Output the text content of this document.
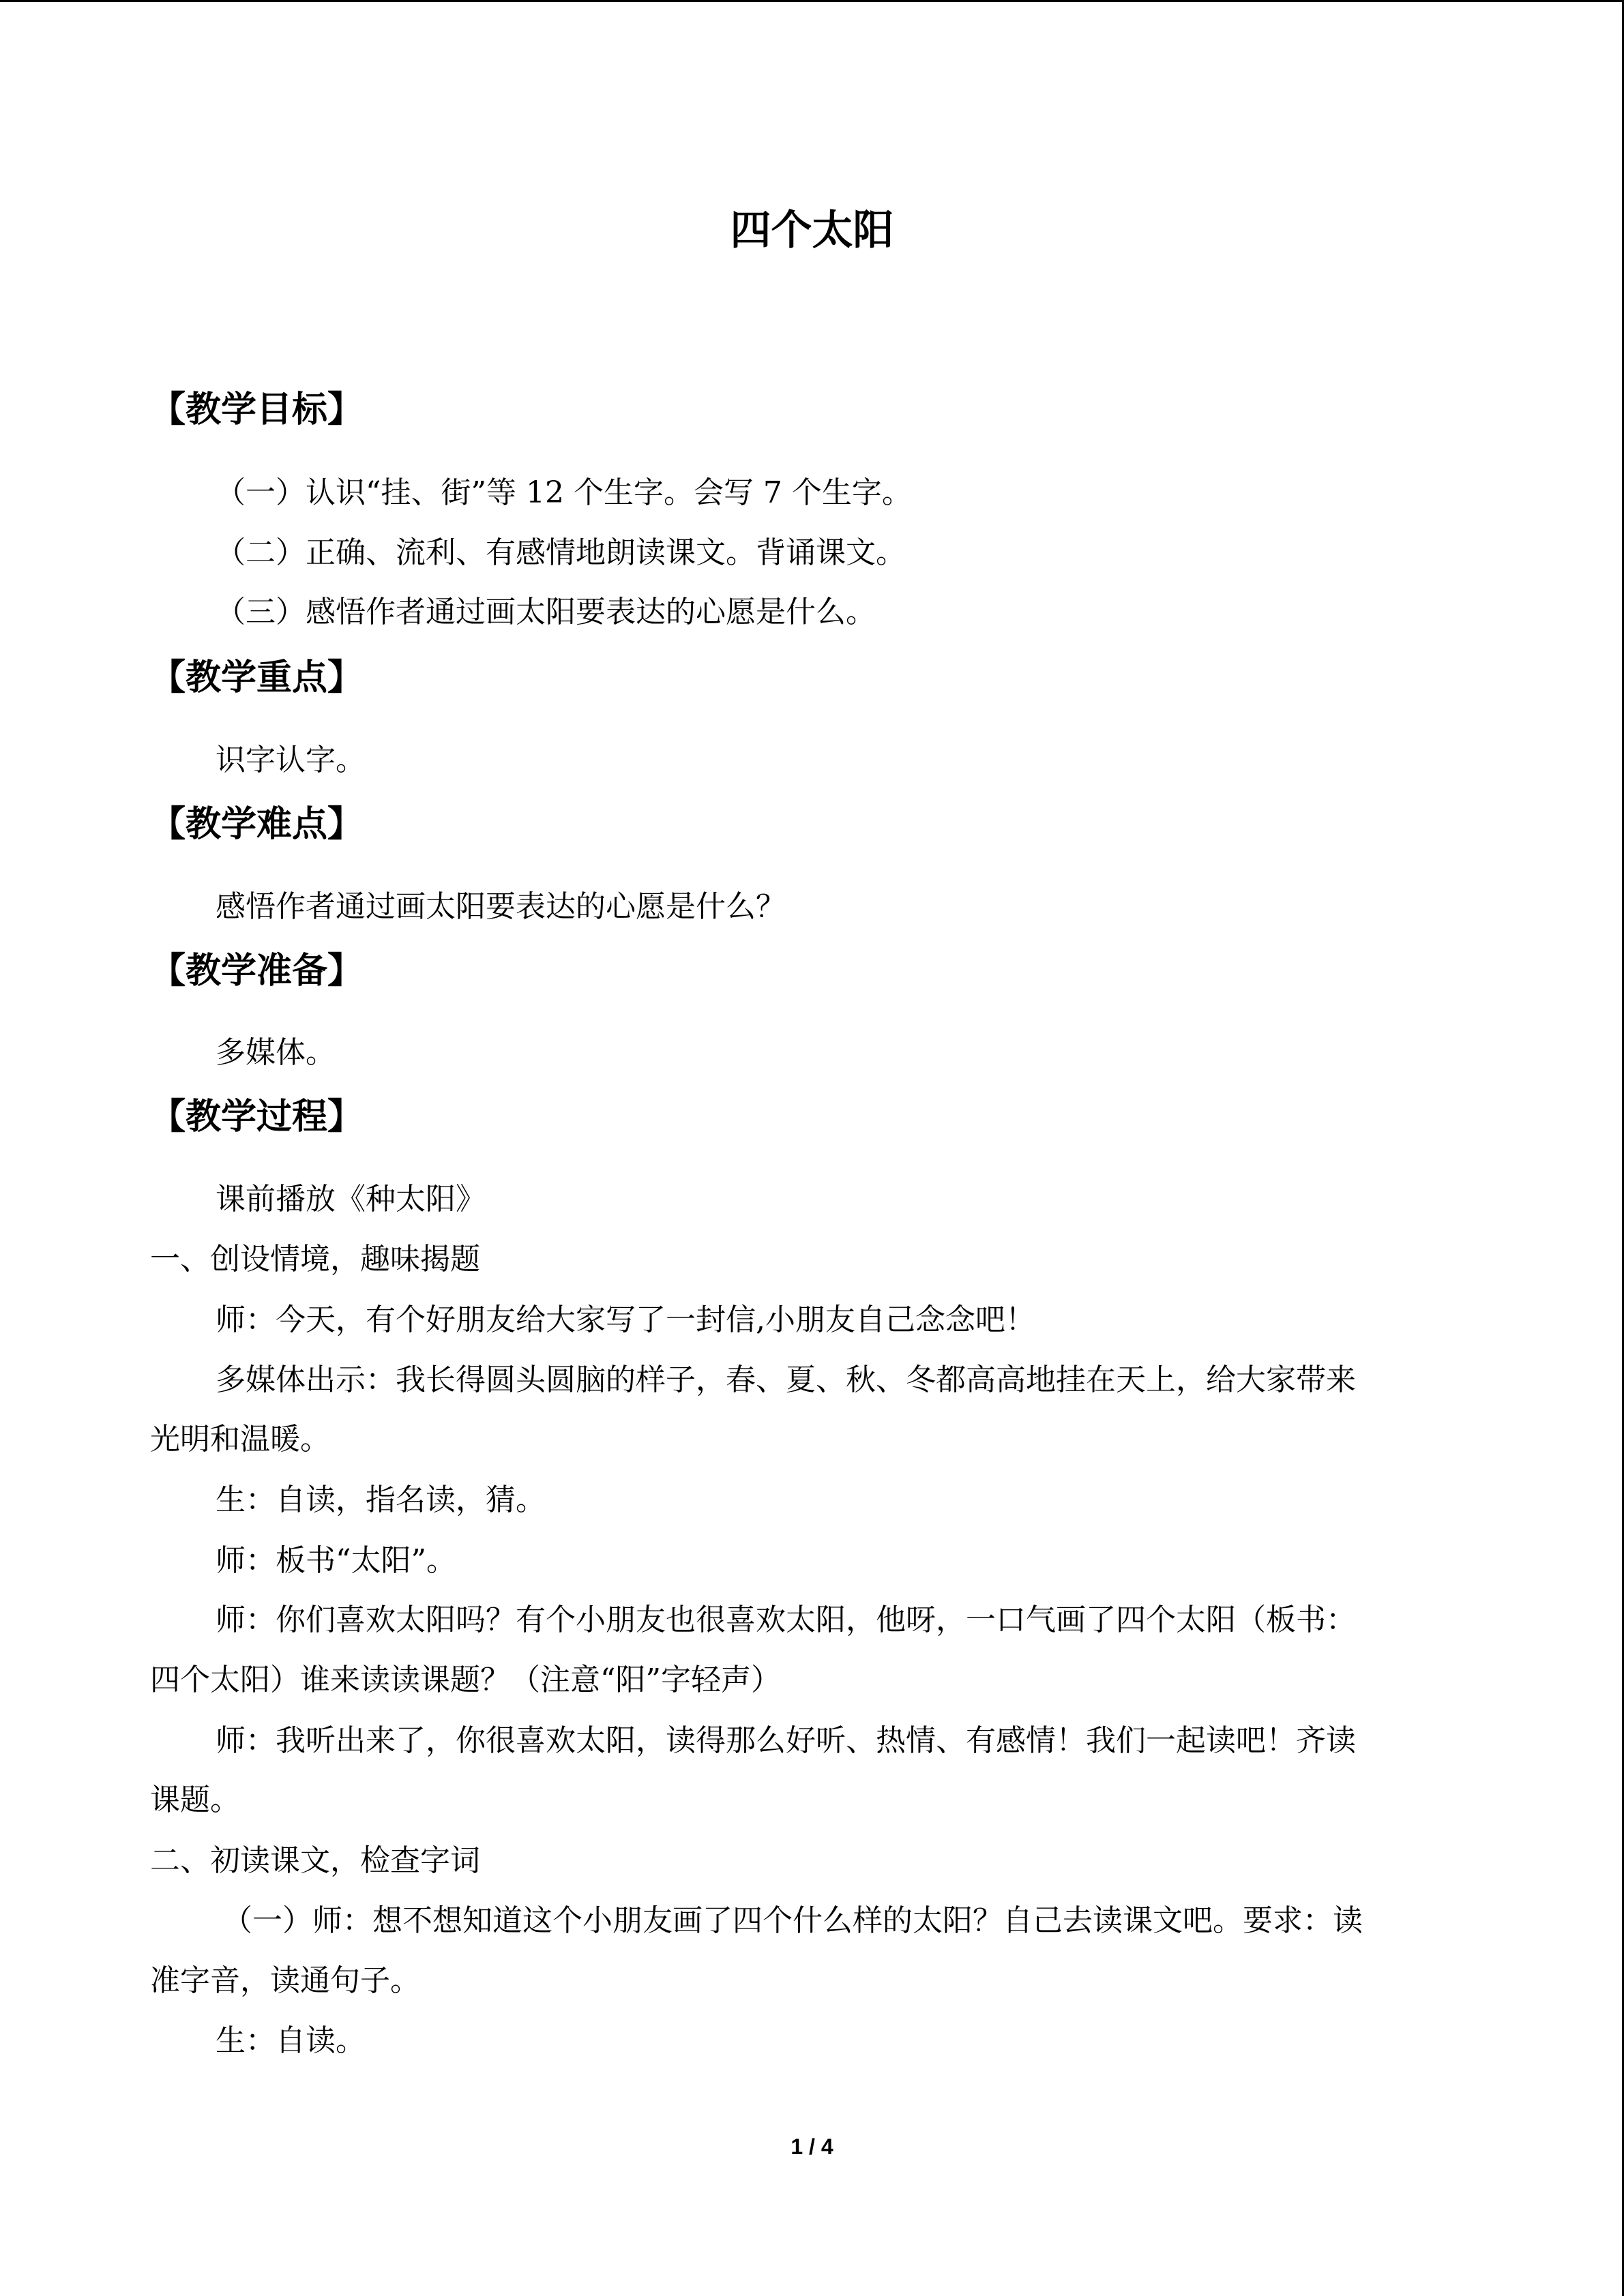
四个太阳
【教学目标】
（一）认识“挂、街”等 12 个生字。会写 7 个生字。
（二）正确、流利、有感情地朗读课文。背诵课文。
（三）感悟作者通过画太阳要表达的心愿是什么。
【教学重点】
识字认字。
【教学难点】
感悟作者通过画太阳要表达的心愿是什么？
【教学准备】
多媒体。
【教学过程】
课前播放《种太阳》
一、创设情境，趣味揭题
师：今天，有个好朋友给大家写了一封信,小朋友自己念念吧！
多媒体出示：我长得圆头圆脑的样子，春、夏、秋、冬都高高地挂在天上，给大家带来
光明和温暖。
生：自读，指名读，猜。
师：板书“太阳”。
师：你们喜欢太阳吗？有个小朋友也很喜欢太阳，他呀，一口气画了四个太阳（板书：
四个太阳）谁来读读课题？（注意“阳”字轻声）
师：我听出来了，你很喜欢太阳，读得那么好听、热情、有感情！我们一起读吧！齐读
课题。
二、初读课文，检查字词
（一）师：想不想知道这个小朋友画了四个什么样的太阳？自己去读课文吧。要求：读
准字音，读通句子。
生：自读。
1 / 4
